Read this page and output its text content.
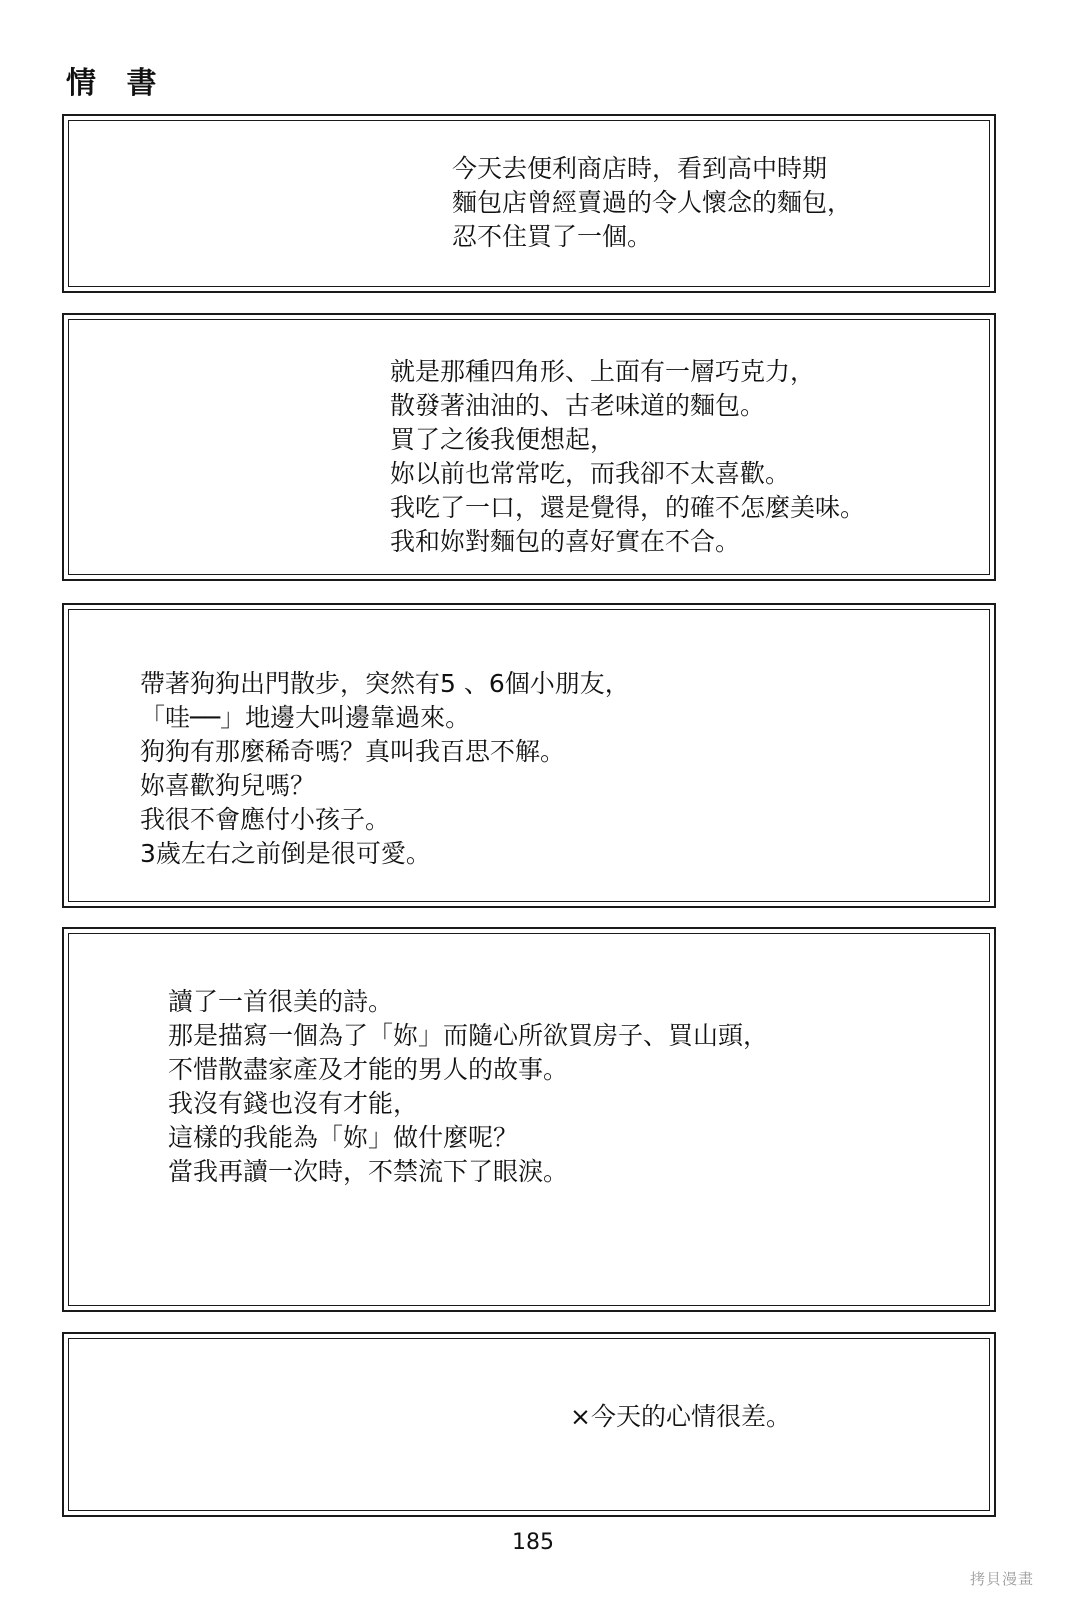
情 書
今天去便利商店時，看到高中時期
麵包店曾經賣過的令人懷念的麵包，
忍不住買了一個。
就是那種四角形、上面有一層巧克力，
散發著油油的、古老味道的麵包。
買了之後我便想起，
妳以前也常常吃，而我卻不太喜歡。
我吃了一口，還是覺得，的確不怎麼美味。
我和妳對麵包的喜好實在不合。
帶著狗狗出門散步，突然有5 、6個小朋友，
「哇──」地邊大叫邊靠過來。
狗狗有那麼稀奇嗎？真叫我百思不解。
妳喜歡狗兒嗎？
我很不會應付小孩子。
3歲左右之前倒是很可愛。
讀了一首很美的詩。
那是描寫一個為了「妳」而隨心所欲買房子、買山頭，
不惜散盡家產及才能的男人的故事。
我沒有錢也沒有才能，
這樣的我能為「妳」做什麼呢？
當我再讀一次時，不禁流下了眼淚。
×今天的心情很差。
185
拷貝漫畫
